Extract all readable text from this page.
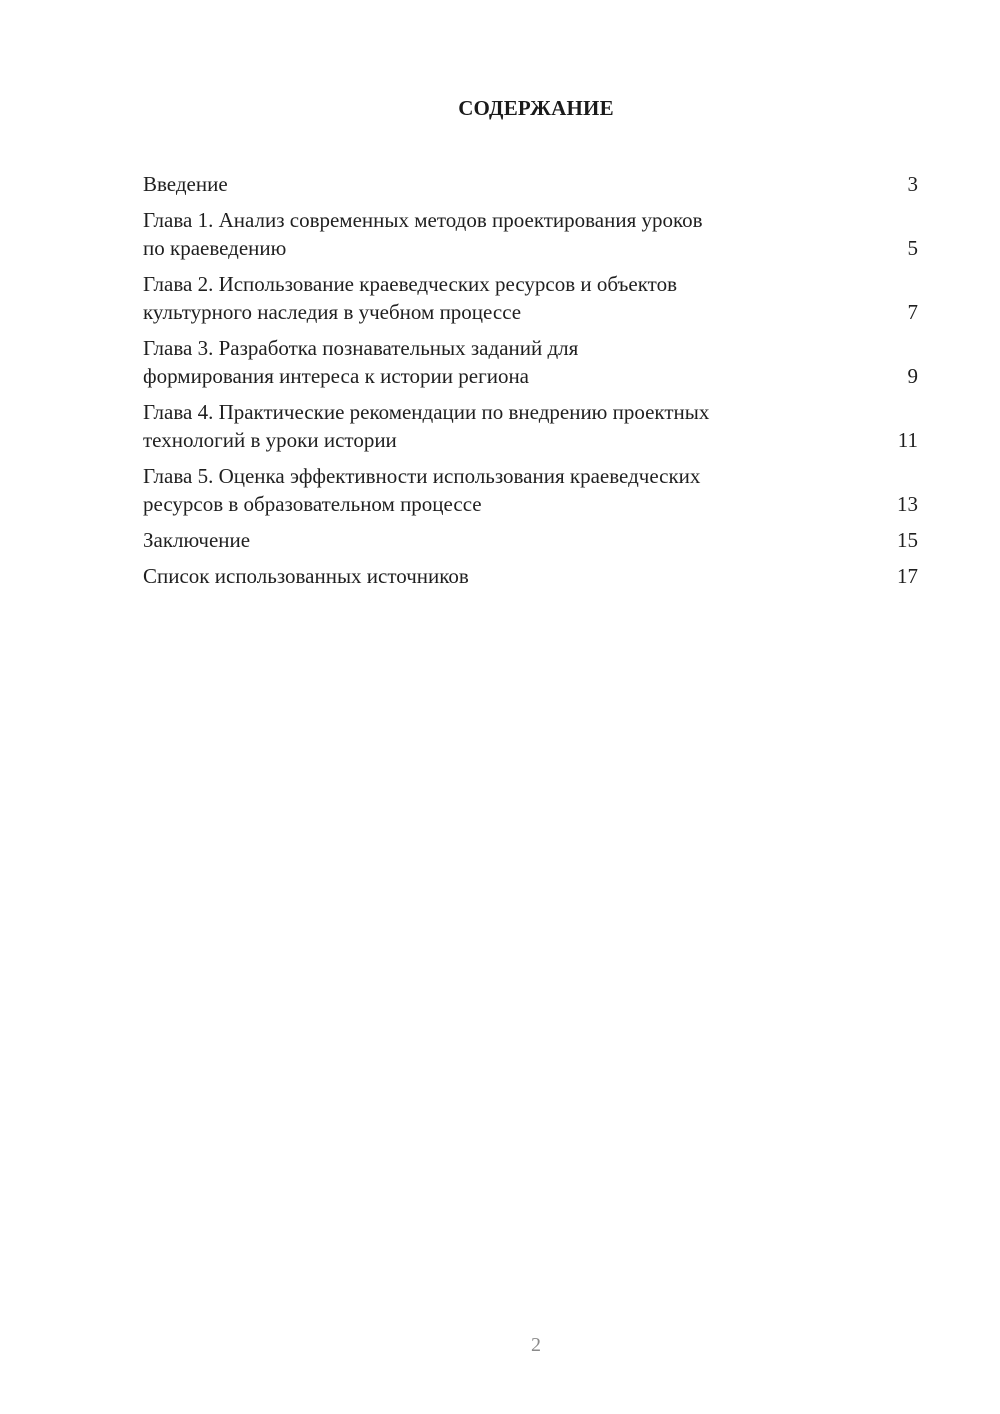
СОДЕРЖАНИЕ
Введение	3
Глава 1. Анализ современных методов проектирования уроков
по краеведению	5
Глава 2. Использование краеведческих ресурсов и объектов
культурного наследия в учебном процессе	7
Глава 3. Разработка познавательных заданий для
формирования интереса к истории региона	9
Глава 4. Практические рекомендации по внедрению проектных
технологий в уроки истории	11
Глава 5. Оценка эффективности использования краеведческих
ресурсов в образовательном процессе	13
Заключение	15
Список использованных источников	17
2
